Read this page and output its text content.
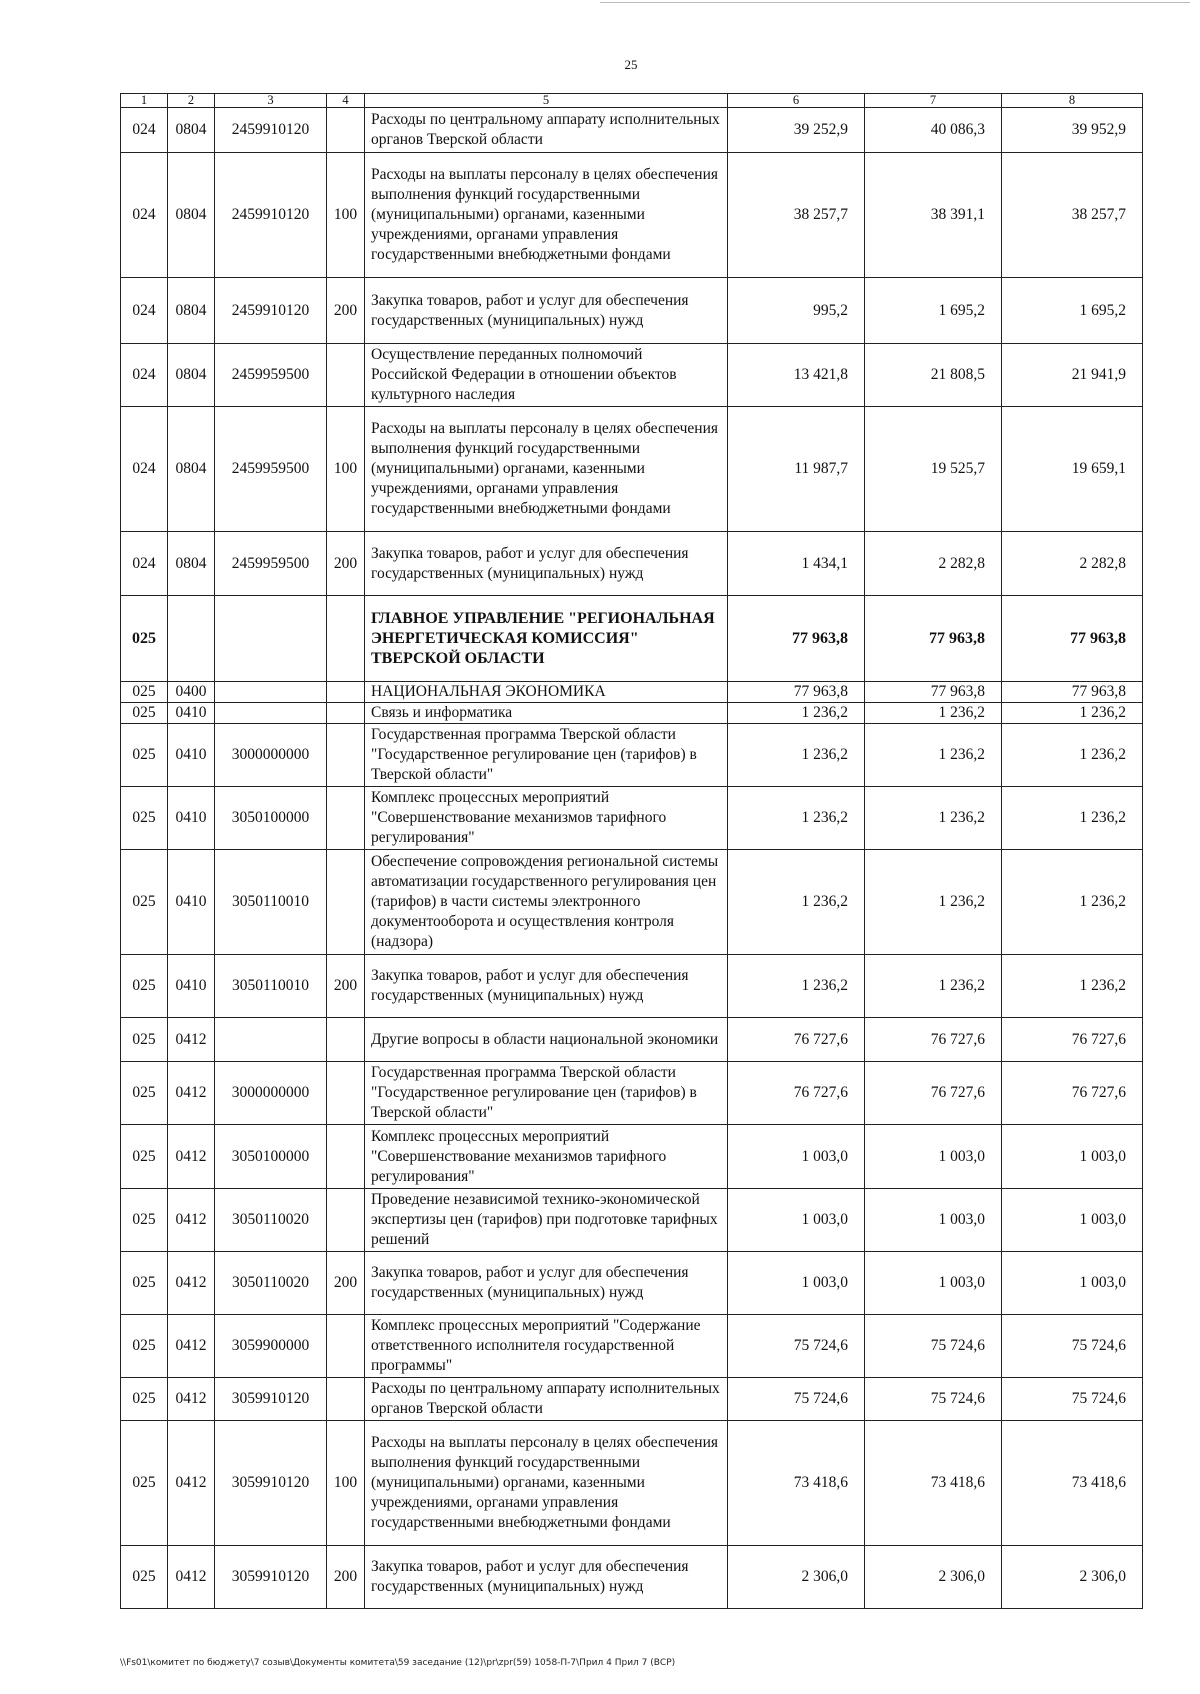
25
1	2	3	4	5	6	7	8
024	0804	2459910120		Расходы по центральному аппарату исполнительных органов Тверской области	39 252,9	40 086,3	39 952,9
024	0804	2459910120	100	Расходы на выплаты персоналу в целях обеспечения выполнения функций государственными (муниципальными) органами, казенными учреждениями, органами управления государственными внебюджетными фондами	38 257,7	38 391,1	38 257,7
024	0804	2459910120	200	Закупка товаров, работ и услуг для обеспечения государственных (муниципальных) нужд	995,2	1 695,2	1 695,2
024	0804	2459959500		Осуществление переданных полномочий Российской Федерации в отношении объектов культурного наследия	13 421,8	21 808,5	21 941,9
024	0804	2459959500	100	Расходы на выплаты персоналу в целях обеспечения выполнения функций государственными (муниципальными) органами, казенными учреждениями, органами управления государственными внебюджетными фондами	11 987,7	19 525,7	19 659,1
024	0804	2459959500	200	Закупка товаров, работ и услуг для обеспечения государственных (муниципальных) нужд	1 434,1	2 282,8	2 282,8
025				ГЛАВНОЕ УПРАВЛЕНИЕ "РЕГИОНАЛЬНАЯ ЭНЕРГЕТИЧЕСКАЯ КОМИССИЯ" ТВЕРСКОЙ ОБЛАСТИ	77 963,8	77 963,8	77 963,8
025	0400			НАЦИОНАЛЬНАЯ ЭКОНОМИКА	77 963,8	77 963,8	77 963,8
025	0410			Связь и информатика	1 236,2	1 236,2	1 236,2
025	0410	3000000000		Государственная программа Тверской области "Государственное регулирование цен (тарифов) в Тверской области"	1 236,2	1 236,2	1 236,2
025	0410	3050100000		Комплекс процессных мероприятий "Совершенствование механизмов тарифного регулирования"	1 236,2	1 236,2	1 236,2
025	0410	3050110010		Обеспечение сопровождения региональной системы автоматизации государственного регулирования цен (тарифов) в части системы электронного документооборота и осуществления контроля (надзора)	1 236,2	1 236,2	1 236,2
025	0410	3050110010	200	Закупка товаров, работ и услуг для обеспечения государственных (муниципальных) нужд	1 236,2	1 236,2	1 236,2
025	0412			Другие вопросы в области национальной экономики	76 727,6	76 727,6	76 727,6
025	0412	3000000000		Государственная программа Тверской области "Государственное регулирование цен (тарифов) в Тверской области"	76 727,6	76 727,6	76 727,6
025	0412	3050100000		Комплекс процессных мероприятий "Совершенствование механизмов тарифного регулирования"	1 003,0	1 003,0	1 003,0
025	0412	3050110020		Проведение независимой технико-экономической экспертизы цен (тарифов) при подготовке тарифных решений	1 003,0	1 003,0	1 003,0
025	0412	3050110020	200	Закупка товаров, работ и услуг для обеспечения государственных (муниципальных) нужд	1 003,0	1 003,0	1 003,0
025	0412	3059900000		Комплекс процессных мероприятий "Содержание ответственного исполнителя государственной программы"	75 724,6	75 724,6	75 724,6
025	0412	3059910120		Расходы по центральному аппарату исполнительных органов Тверской области	75 724,6	75 724,6	75 724,6
025	0412	3059910120	100	Расходы на выплаты персоналу в целях обеспечения выполнения функций государственными (муниципальными) органами, казенными учреждениями, органами управления государственными внебюджетными фондами	73 418,6	73 418,6	73 418,6
025	0412	3059910120	200	Закупка товаров, работ и услуг для обеспечения государственных (муниципальных) нужд	2 306,0	2 306,0	2 306,0
\\Fs01\комитет по бюджету\7 созыв\Документы комитета\59 заседание (12)\pr\zpr(59) 1058-П-7\Прил 4 Прил 7 (ВСР)
